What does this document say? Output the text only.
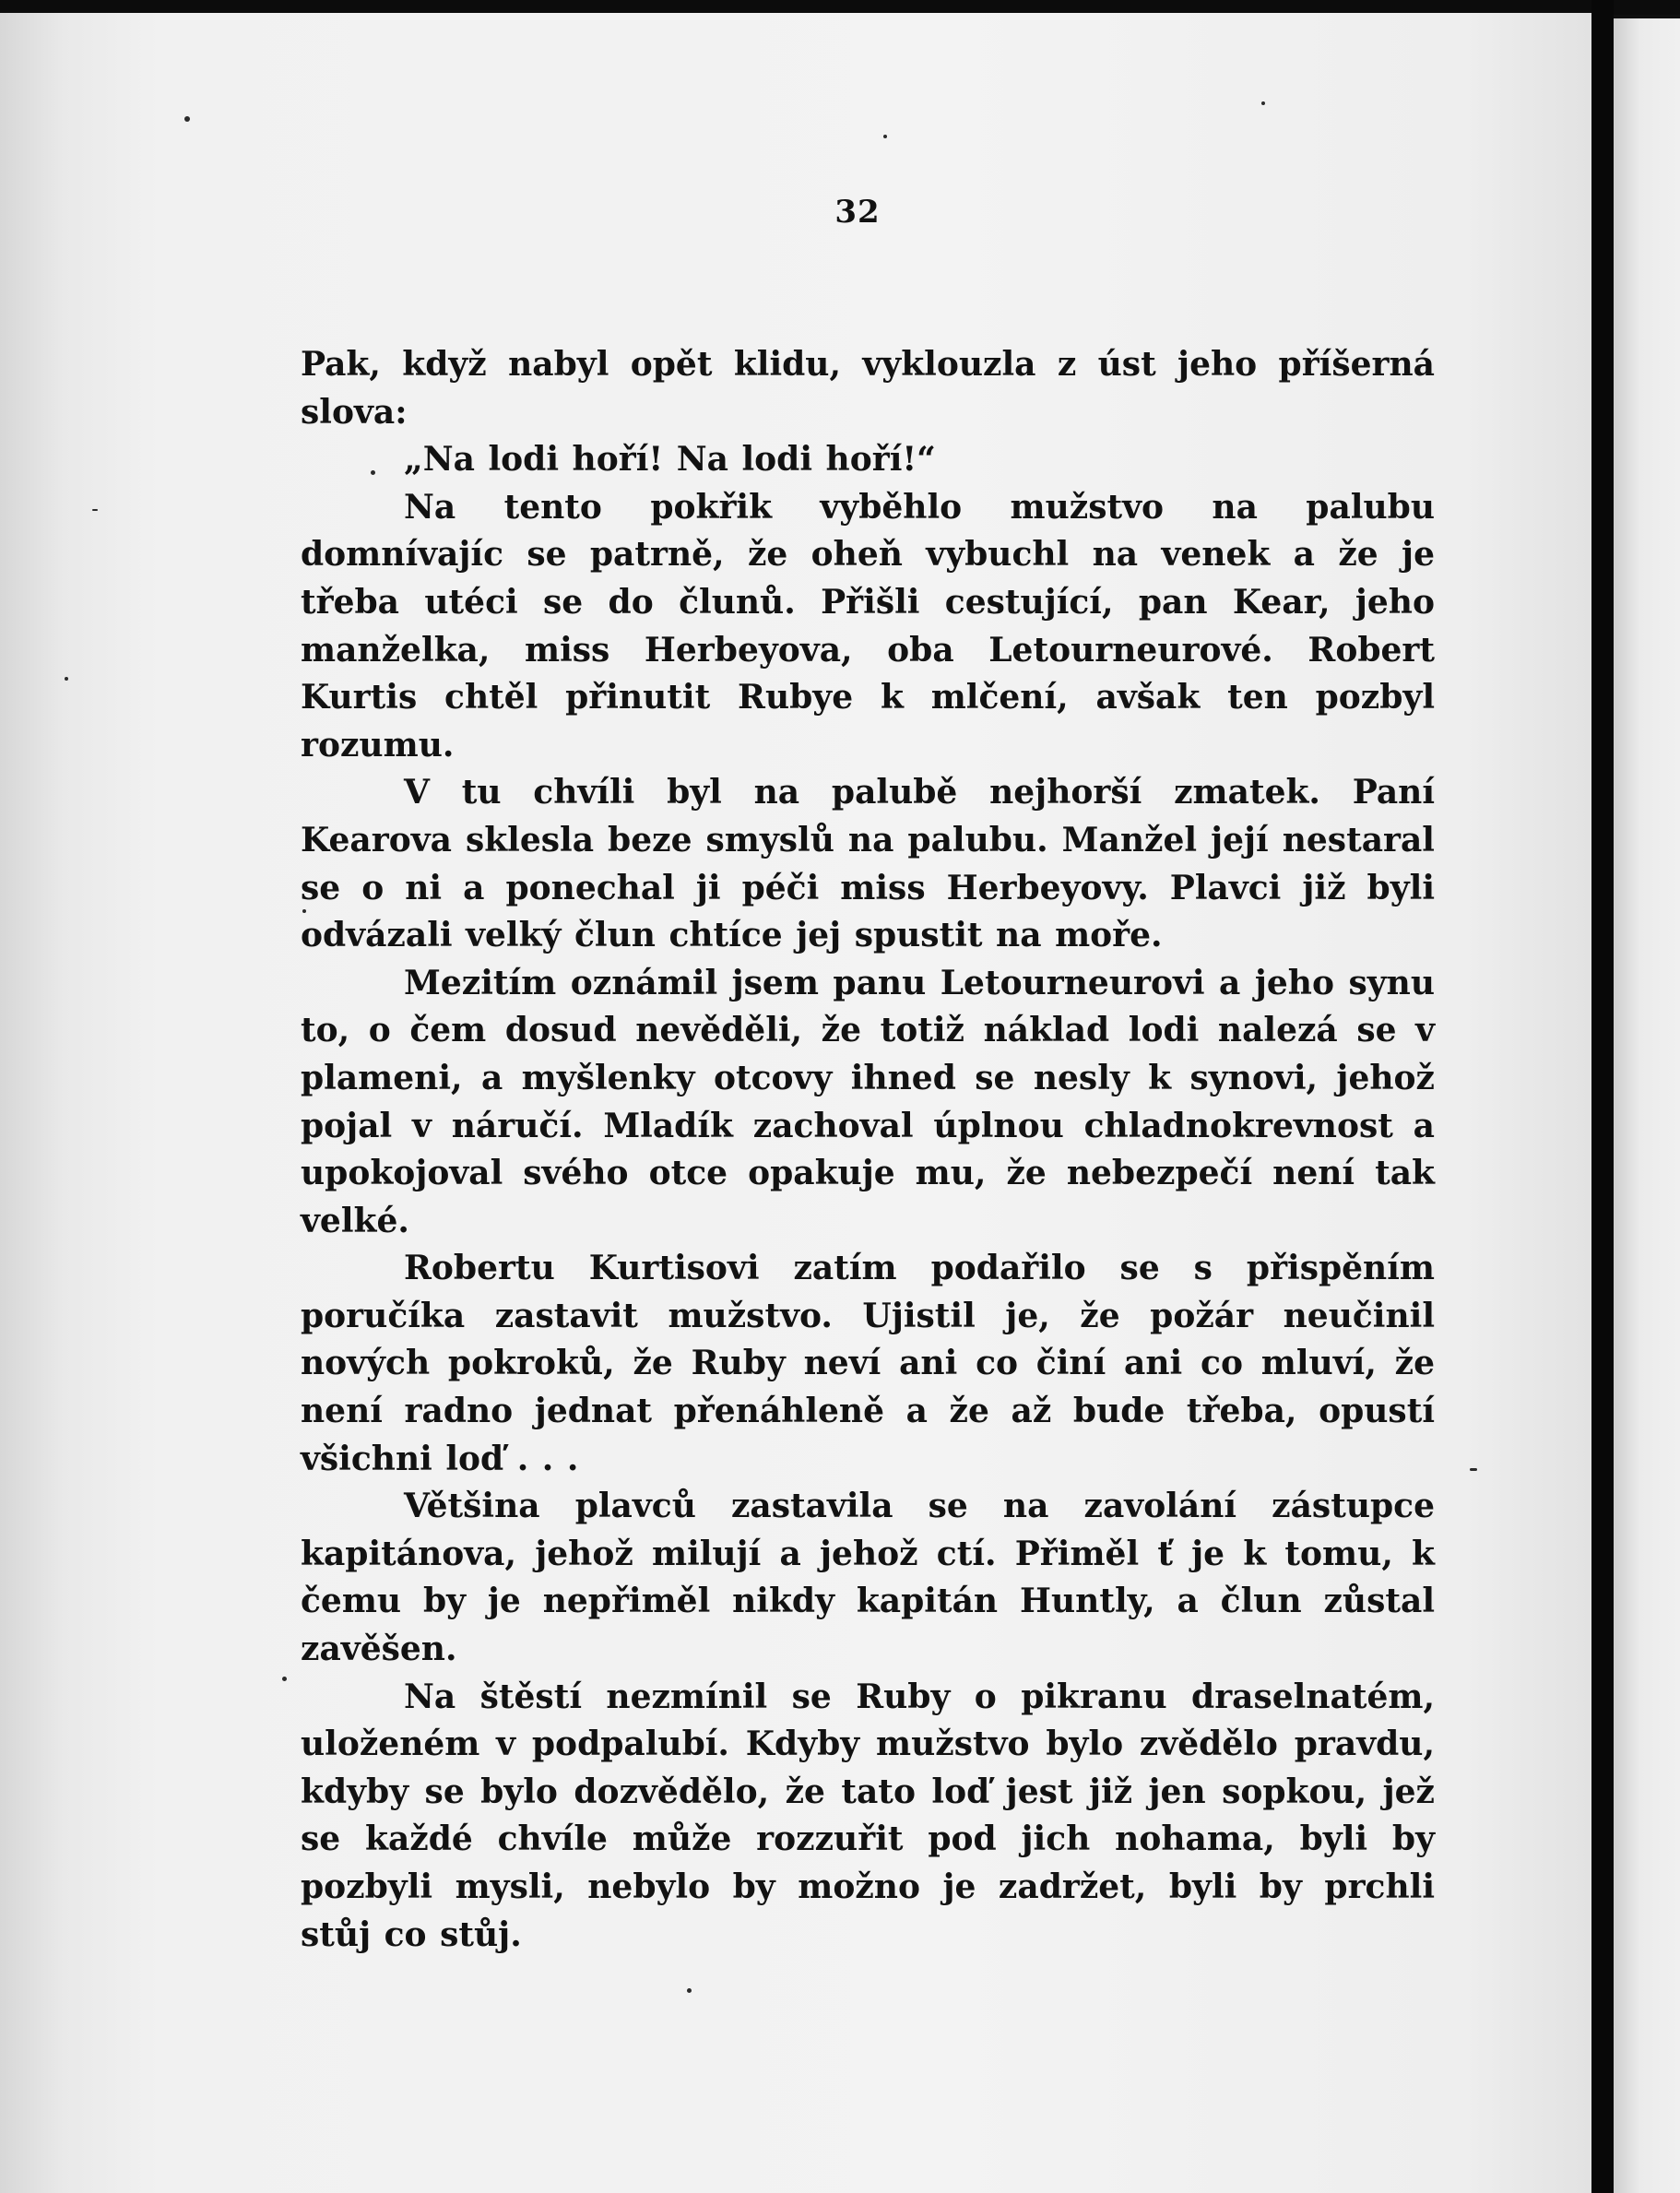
32

Pak, když nabyl opět klidu, vyklouzla z úst jeho příšerná slova:

„Na lodi hoří! Na lodi hoří!“

Na tento pokřik vyběhlo mužstvo na palubu domnívajíc se patrně, že oheň vybuchl na venek a že je třeba utéci se do člunů. Přišli cestující, pan Kear, jeho manželka, miss Herbeyova, oba Letourneurové. Robert Kurtis chtěl přinutit Rubye k mlčení, avšak ten pozbyl rozumu.

V tu chvíli byl na palubě nejhorší zmatek. Paní Kearova sklesla beze smyslů na palubu. Manžel její nestaral se o ni a ponechal ji péči miss Herbeyovy. Plavci již byli odvázali velký člun chtíce jej spustit na moře.

Mezitím oznámil jsem panu Letourneurovi a jeho synu to, o čem dosud nevěděli, že totiž náklad lodi nalezá se v plameni, a myšlenky otcovy ihned se nesly k synovi, jehož pojal v náručí. Mladík zachoval úplnou chladnokrevnost a upokojoval svého otce opakuje mu, že nebezpečí není tak velké.

Robertu Kurtisovi zatím podařilo se s přispěním poručíka zastavit mužstvo. Ujistil je, že požár neučinil nových pokroků, že Ruby neví ani co činí ani co mluví, že není radno jednat přenáhleně a že až bude třeba, opustí všichni loď . . .

Většina plavců zastavila se na zavolání zástupce kapitánova, jehož milují a jehož ctí. Přiměl ť je k tomu, k čemu by je nepřiměl nikdy kapitán Huntly, a člun zůstal zavěšen.

Na štěstí nezmínil se Ruby o pikranu draselnatém, uloženém v podpalubí. Kdyby mužstvo bylo zvědělo pravdu, kdyby se bylo dozvědělo, že tato loď jest již jen sopkou, jež se každé chvíle může rozzuřit pod jich nohama, byli by pozbyli mysli, nebylo by možno je zadržet, byli by prchli stůj co stůj.
